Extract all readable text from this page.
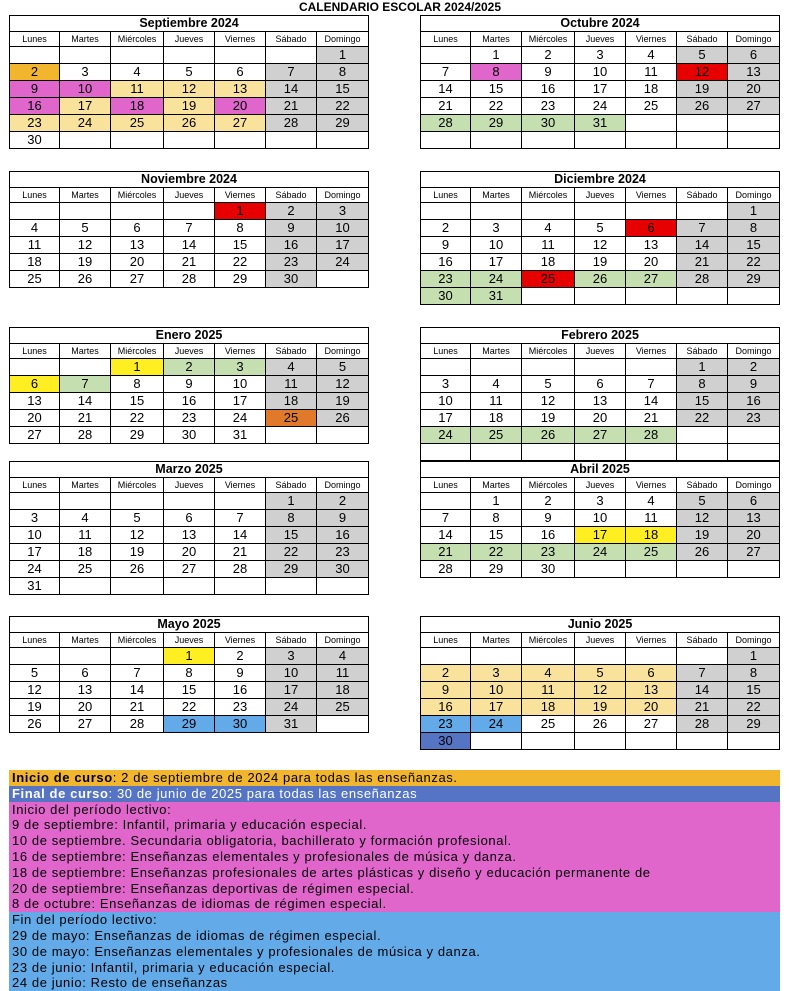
CALENDARIO ESCOLAR 2024/2025
Septiembre 2024						
Lunes	Martes	Miércoles	Jueves	Viernes	Sábado	Domingo
						1
2	3	4	5	6	7	8
9	10	11	12	13	14	15
16	17	18	19	20	21	22
23	24	25	26	27	28	29
30						
Octubre 2024						
Lunes	Martes	Miércoles	Jueves	Viernes	Sábado	Domingo
	1	2	3	4	5	6
7	8	9	10	11	12	13
14	15	16	17	18	19	20
21	22	23	24	25	26	27
28	29	30	31			

Noviembre 2024						
Lunes	Martes	Miércoles	Jueves	Viernes	Sábado	Domingo
				1	2	3
4	5	6	7	8	9	10
11	12	13	14	15	16	17
18	19	20	21	22	23	24
25	26	27	28	29	30	
Diciembre 2024						
Lunes	Martes	Miércoles	Jueves	Viernes	Sábado	Domingo
						1
2	3	4	5	6	7	8
9	10	11	12	13	14	15
16	17	18	19	20	21	22
23	24	25	26	27	28	29
30	31					
Enero 2025						
Lunes	Martes	Miércoles	Jueves	Viernes	Sábado	Domingo
		1	2	3	4	5
6	7	8	9	10	11	12
13	14	15	16	17	18	19
20	21	22	23	24	25	26
27	28	29	30	31		
Febrero 2025						
Lunes	Martes	Miércoles	Jueves	Viernes	Sábado	Domingo
					1	2
3	4	5	6	7	8	9
10	11	12	13	14	15	16
17	18	19	20	21	22	23
24	25	26	27	28		

Marzo 2025						
Lunes	Martes	Miércoles	Jueves	Viernes	Sábado	Domingo
					1	2
3	4	5	6	7	8	9
10	11	12	13	14	15	16
17	18	19	20	21	22	23
24	25	26	27	28	29	30
31						
Abril 2025						
Lunes	Martes	Miércoles	Jueves	Viernes	Sábado	Domingo
	1	2	3	4	5	6
7	8	9	10	11	12	13
14	15	16	17	18	19	20
21	22	23	24	25	26	27
28	29	30				
Mayo 2025						
Lunes	Martes	Miércoles	Jueves	Viernes	Sábado	Domingo
			1	2	3	4
5	6	7	8	9	10	11
12	13	14	15	16	17	18
19	20	21	22	23	24	25
26	27	28	29	30	31	
Junio 2025						
Lunes	Martes	Miércoles	Jueves	Viernes	Sábado	Domingo
						1
2	3	4	5	6	7	8
9	10	11	12	13	14	15
16	17	18	19	20	21	22
23	24	25	26	27	28	29
30						
Inicio de curso: 2 de septiembre de 2024 para todas las enseñanzas.
Final de curso: 30 de junio de 2025 para todas las enseñanzas
Inicio del período lectivo:
9 de septiembre: Infantil, primaria y educación especial.
10 de septiembre. Secundaria obligatoria, bachillerato y formación profesional.
16 de septiembre: Enseñanzas elementales y profesionales de música y danza.
18 de septiembre: Enseñanzas profesionales de artes plásticas y diseño y educación permanente de
20 de septiembre: Enseñanzas deportivas de régimen especial.
8 de octubre: Enseñanzas de idiomas de régimen especial.
Fin del período lectivo:
29 de mayo: Enseñanzas de idiomas de régimen especial.
30 de mayo: Enseñanzas elementales y profesionales de música y danza.
23 de junio: Infantil, primaria y educación especial.
24 de junio: Resto de enseñanzas
